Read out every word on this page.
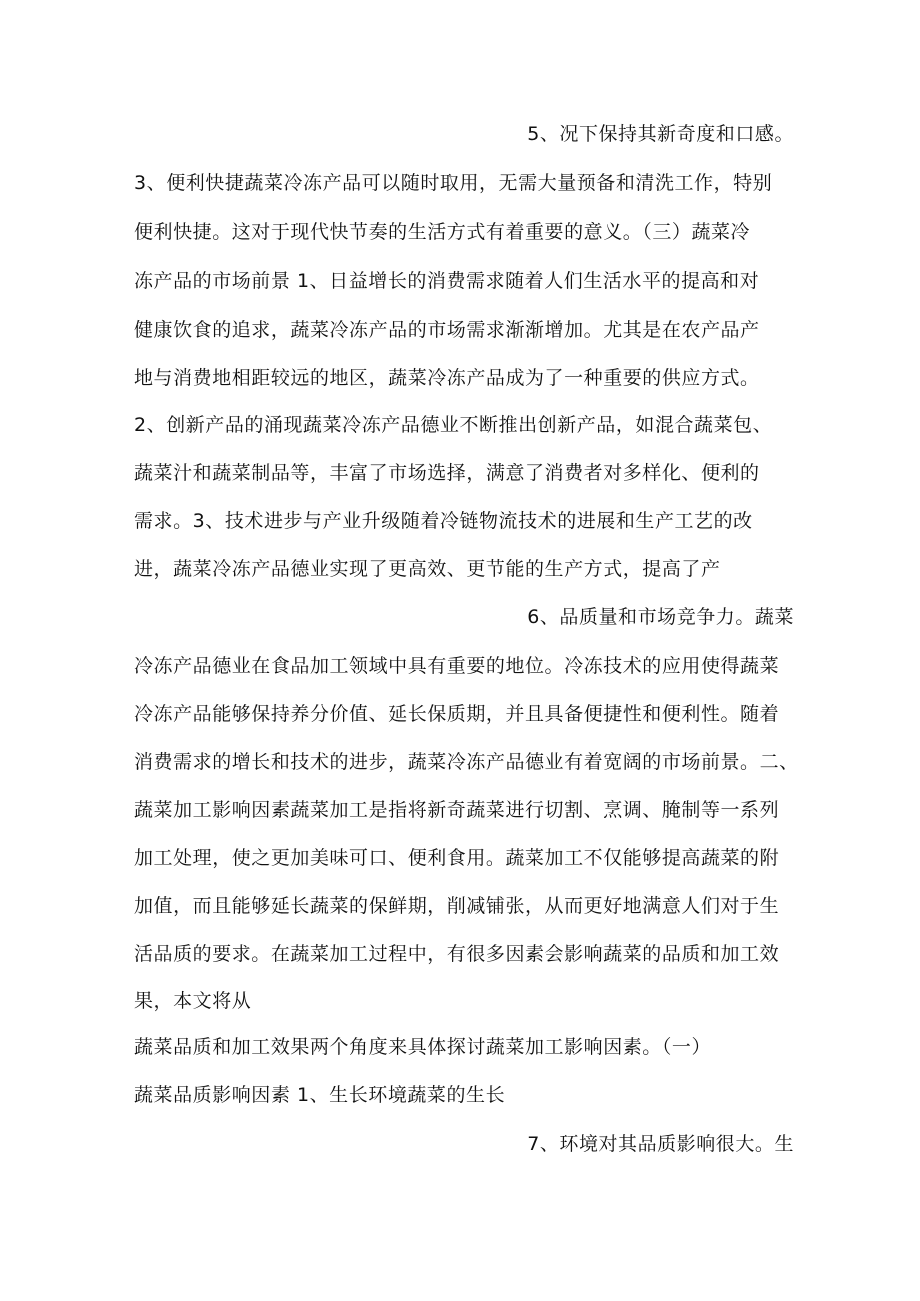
5、况下保持其新奇度和口感。
3、便利快捷蔬菜冷冻产品可以随时取用，无需大量预备和清洗工作，特别
便利快捷。这对于现代快节奏的生活方式有着重要的意义。（三）蔬菜冷
冻产品的市场前景 1、日益增长的消费需求随着人们生活水平的提高和对
健康饮食的追求，蔬菜冷冻产品的市场需求渐渐增加。尤其是在农产品产
地与消费地相距较远的地区，蔬菜冷冻产品成为了一种重要的供应方式。
2、创新产品的涌现蔬菜冷冻产品德业不断推出创新产品，如混合蔬菜包、
蔬菜汁和蔬菜制品等，丰富了市场选择，满意了消费者对多样化、便利的
需求。3、技术进步与产业升级随着冷链物流技术的进展和生产工艺的改
进，蔬菜冷冻产品德业实现了更高效、更节能的生产方式，提高了产
6、品质量和市场竞争力。蔬菜
冷冻产品德业在食品加工领域中具有重要的地位。冷冻技术的应用使得蔬菜
冷冻产品能够保持养分价值、延长保质期，并且具备便捷性和便利性。随着
消费需求的增长和技术的进步，蔬菜冷冻产品德业有着宽阔的市场前景。二、
蔬菜加工影响因素蔬菜加工是指将新奇蔬菜进行切割、烹调、腌制等一系列
加工处理，使之更加美味可口、便利食用。蔬菜加工不仅能够提高蔬菜的附
加值，而且能够延长蔬菜的保鲜期，削减铺张，从而更好地满意人们对于生
活品质的要求。在蔬菜加工过程中，有很多因素会影响蔬菜的品质和加工效
果，本文将从
蔬菜品质和加工效果两个角度来具体探讨蔬菜加工影响因素。（一）
蔬菜品质影响因素 1、生长环境蔬菜的生长
7、环境对其品质影响很大。生
